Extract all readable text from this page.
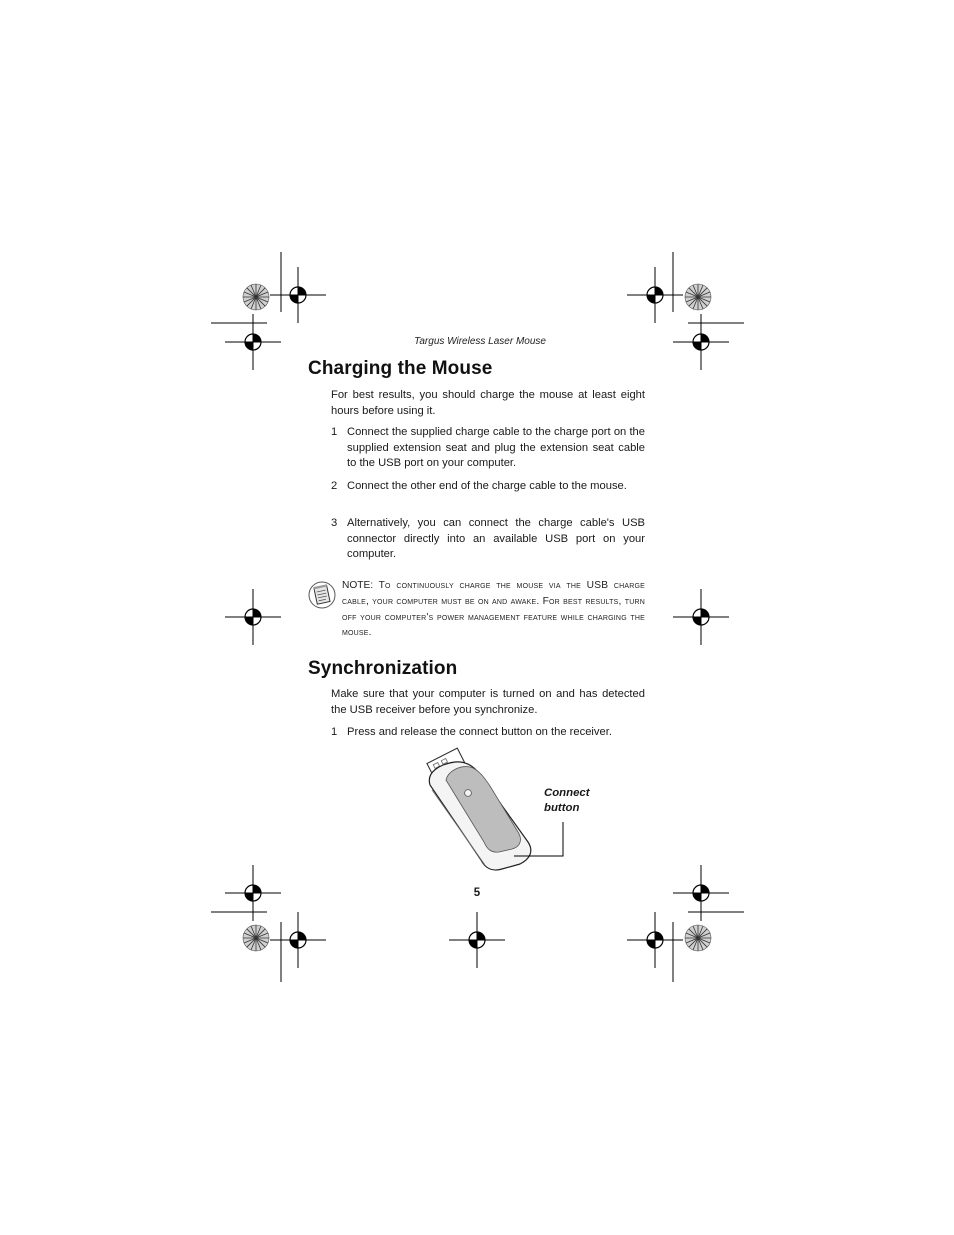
Targus Wireless Laser Mouse
Charging the Mouse
For best results, you should charge the mouse at least eight hours before using it.
1 Connect the supplied charge cable to the charge port on the supplied extension seat and plug the extension seat cable to the USB port on your computer.
2 Connect the other end of the charge cable to the mouse.
3 Alternatively, you can connect the charge cable's USB connector directly into an available USB port on your computer.
NOTE: To continuously charge the mouse via the USB charge cable, your computer must be on and awake. For best results, turn off your computer's power management feature while charging the mouse.
Synchronization
Make sure that your computer is turned on and has detected the USB receiver before you synchronize.
1 Press and release the connect button on the receiver.
Connect
button
5
